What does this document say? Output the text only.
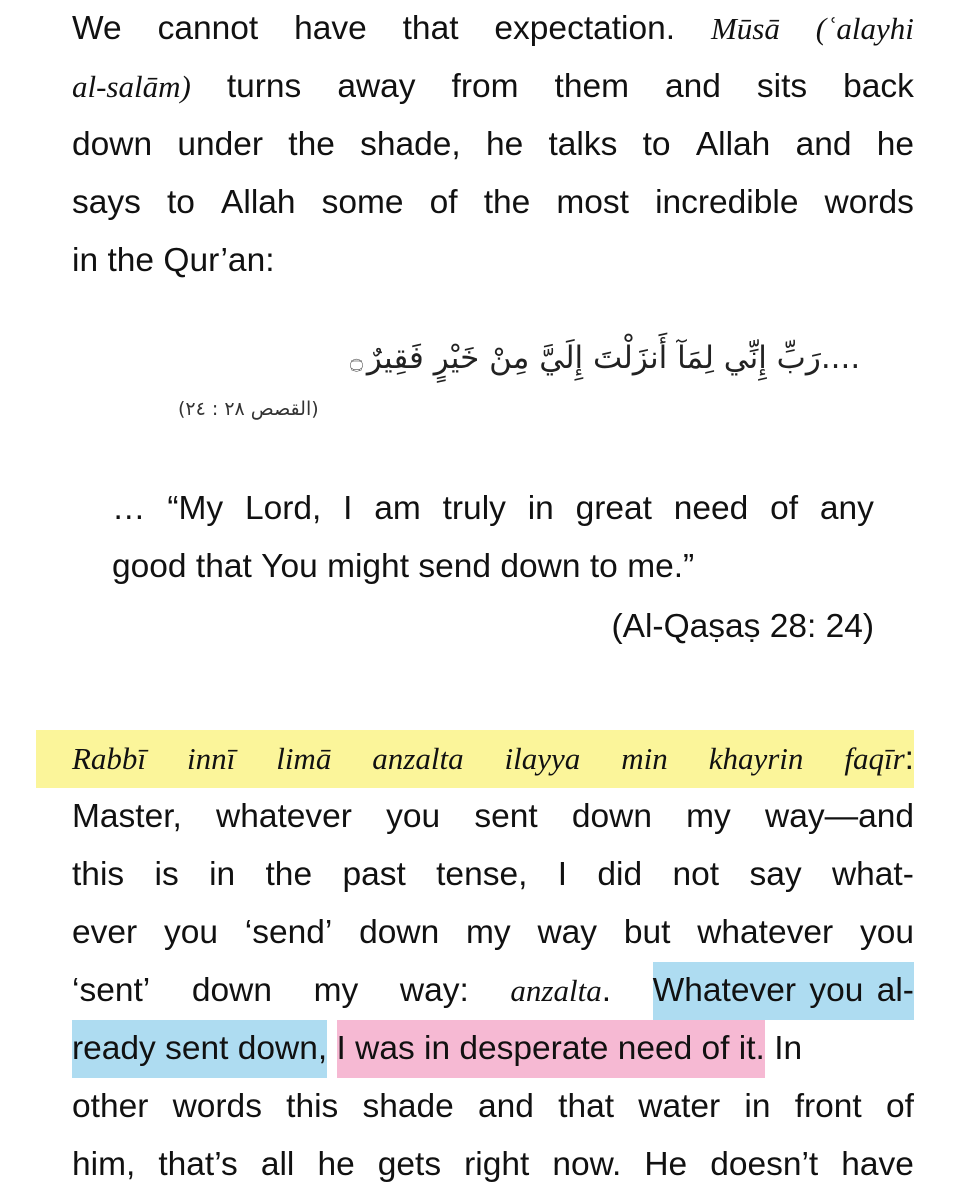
We cannot have that expectation. Mūsā (ʿalayhi
al-salām) turns away from them and sits back
down under the shade, he talks to Allah and he
says to Allah some of the most incredible words
in the Qur’an:
....رَبِّ إِنِّي لِمَآ أَنزَلْتَ إِلَيَّ مِنْ خَيْرٍ فَقِيرٌ۝
(القصص ٢٨ : ٢٤)
… “My Lord, I am truly in great need of any
good that You might send down to me.”
(Al-Qaṣaṣ 28: 24)
Rabbī innī limā anzalta ilayya min khayrin faqīr:
Master, whatever you sent down my way—and
this is in the past tense, I did not say what-
ever you ‘send’ down my way but whatever you
‘sent’ down my way: anzalta. Whatever you al-
ready sent down, I was in desperate need of it. In
other words this shade and that water in front of
him, that’s all he gets right now. He doesn’t have
